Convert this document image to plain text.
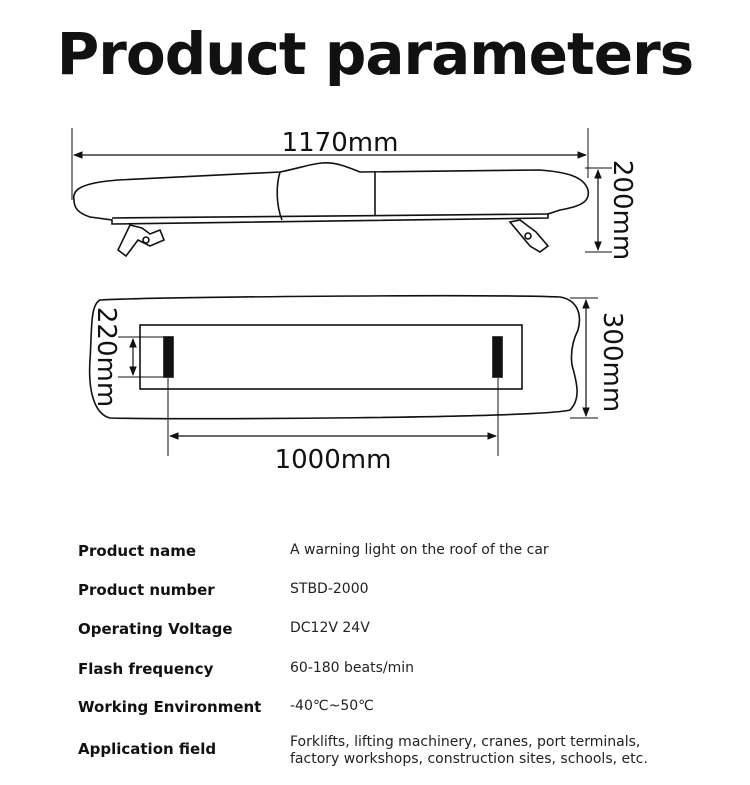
Product parameters
1170mm
200mm
1000mm
220mm	300mm
Product name	A warning light on the roof of the car
Product number	STBD-2000
Operating Voltage	DC12V 24V
Flash frequency	60-180 beats/min
Working Environment -40℃~50℃
Application field	Forklifts, lifting machinery, cranes, port terminals,
factory workshops, construction sites, schools, etc.
